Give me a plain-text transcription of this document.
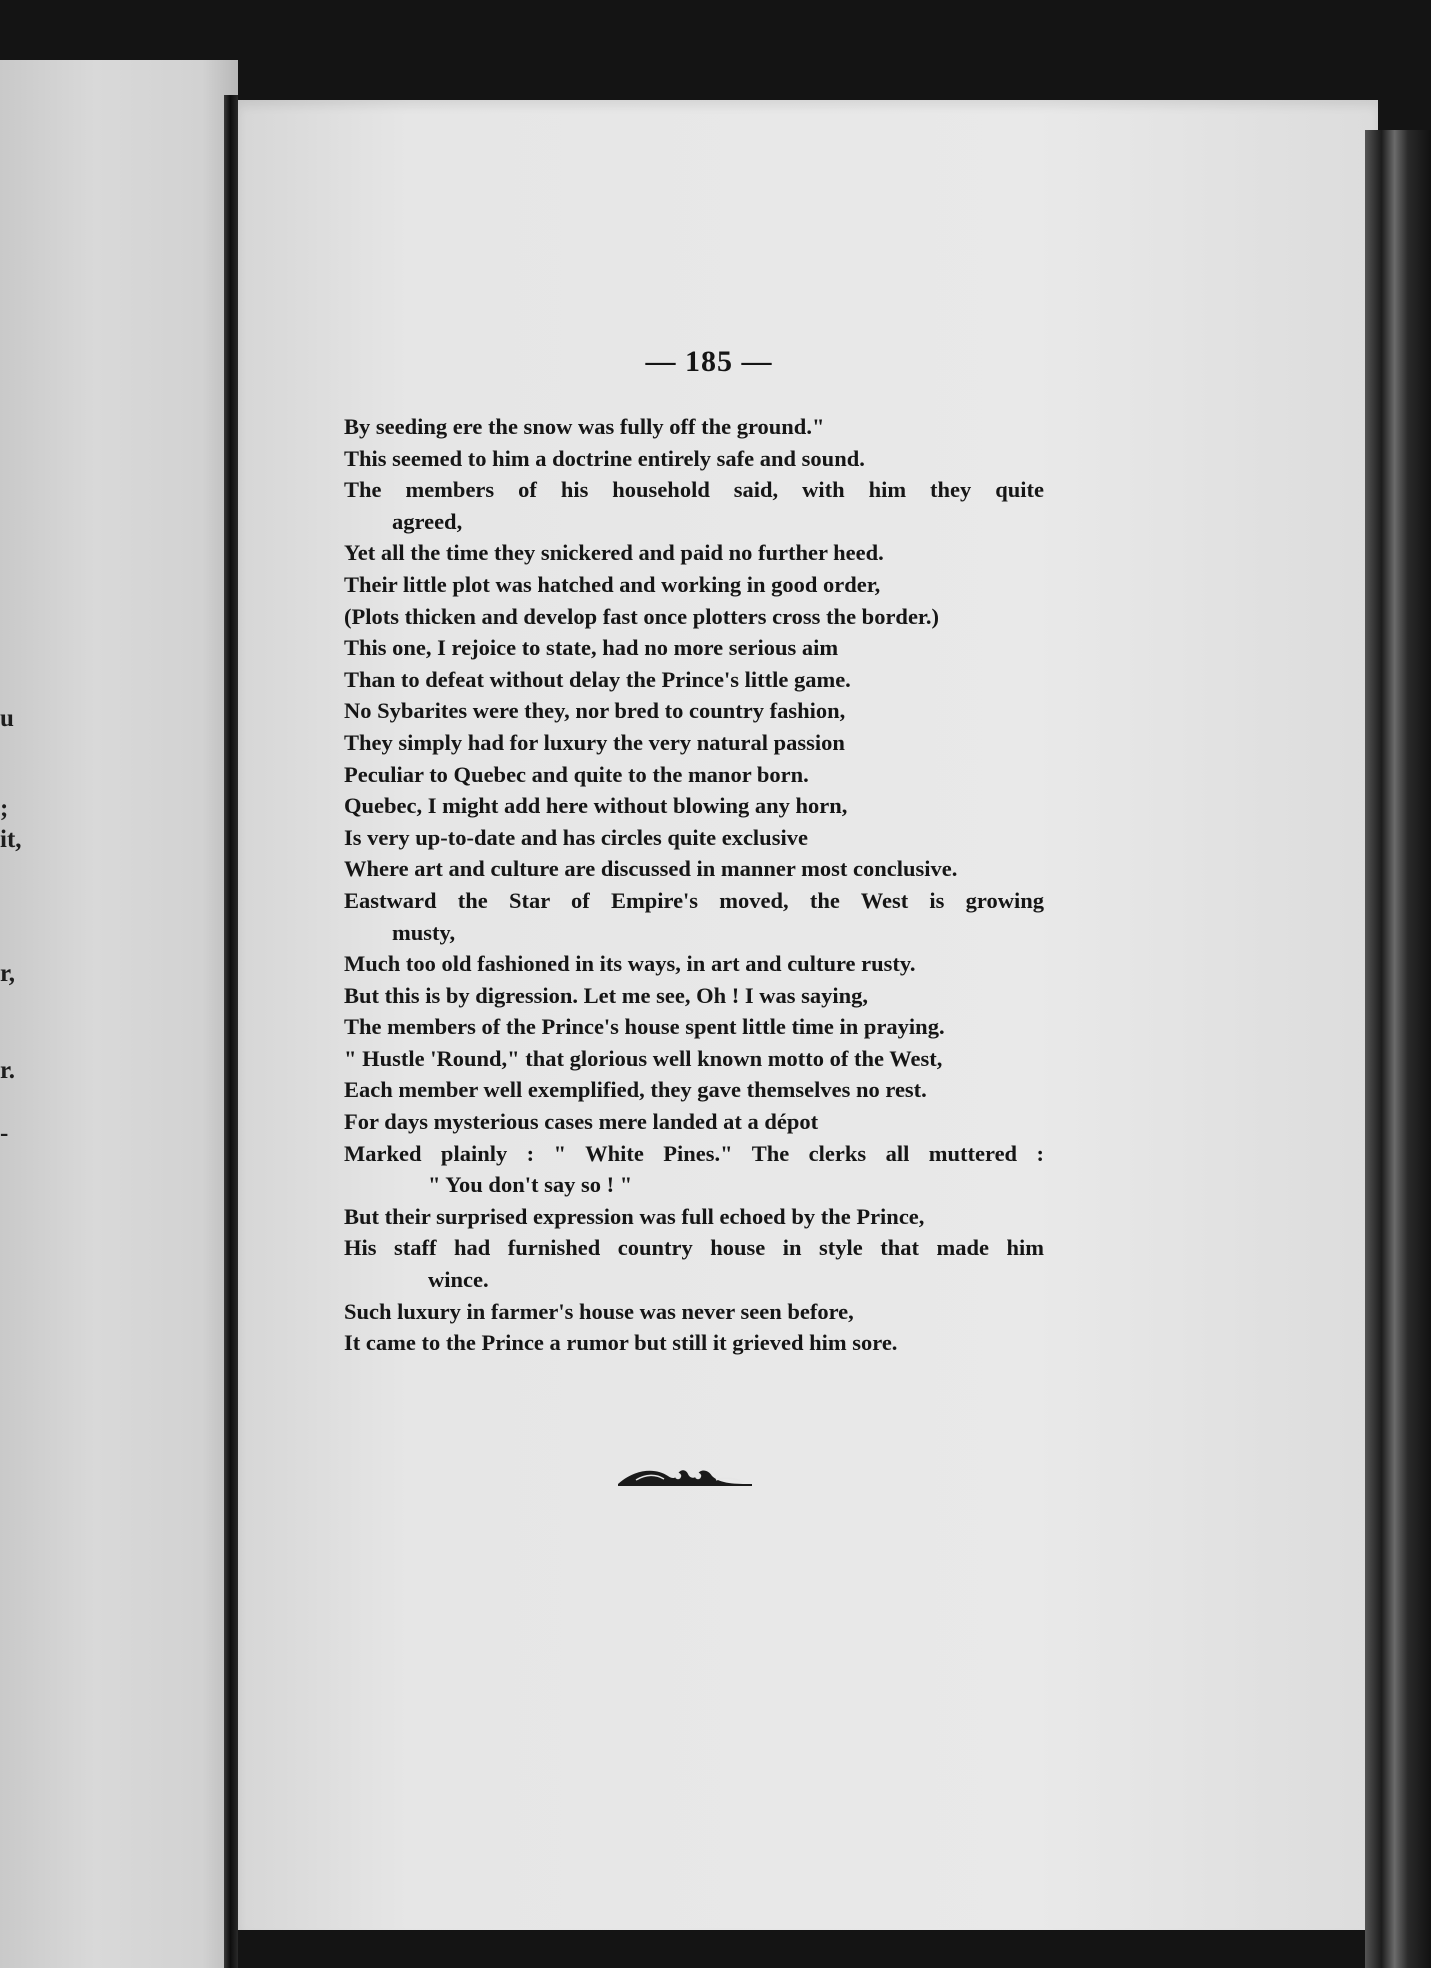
u
;
it,
r,
r.
-
— 185 —
By seeding ere the snow was fully off the ground."
This seemed to him a doctrine entirely safe and sound.
The members of his household said, with him they quite
agreed,
Yet all the time they snickered and paid no further heed.
Their little plot was hatched and working in good order,
(Plots thicken and develop fast once plotters cross the border.)
This one, I rejoice to state, had no more serious aim
Than to defeat without delay the Prince's little game.
No Sybarites were they, nor bred to country fashion,
They simply had for luxury the very natural passion
Peculiar to Quebec and quite to the manor born.
Quebec, I might add here without blowing any horn,
Is very up-to-date and has circles quite exclusive
Where art and culture are discussed in manner most conclusive.
Eastward the Star of Empire's moved, the West is growing
musty,
Much too old fashioned in its ways, in art and culture rusty.
But this is by digression. Let me see, Oh ! I was saying,
The members of the Prince's house spent little time in praying.
" Hustle 'Round," that glorious well known motto of the West,
Each member well exemplified, they gave themselves no rest.
For days mysterious cases mere landed at a dépot
Marked plainly : " White Pines." The clerks all muttered :
" You don't say so ! "
But their surprised expression was full echoed by the Prince,
His staff had furnished country house in style that made him
wince.
Such luxury in farmer's house was never seen before,
It came to the Prince a rumor but still it grieved him sore.
